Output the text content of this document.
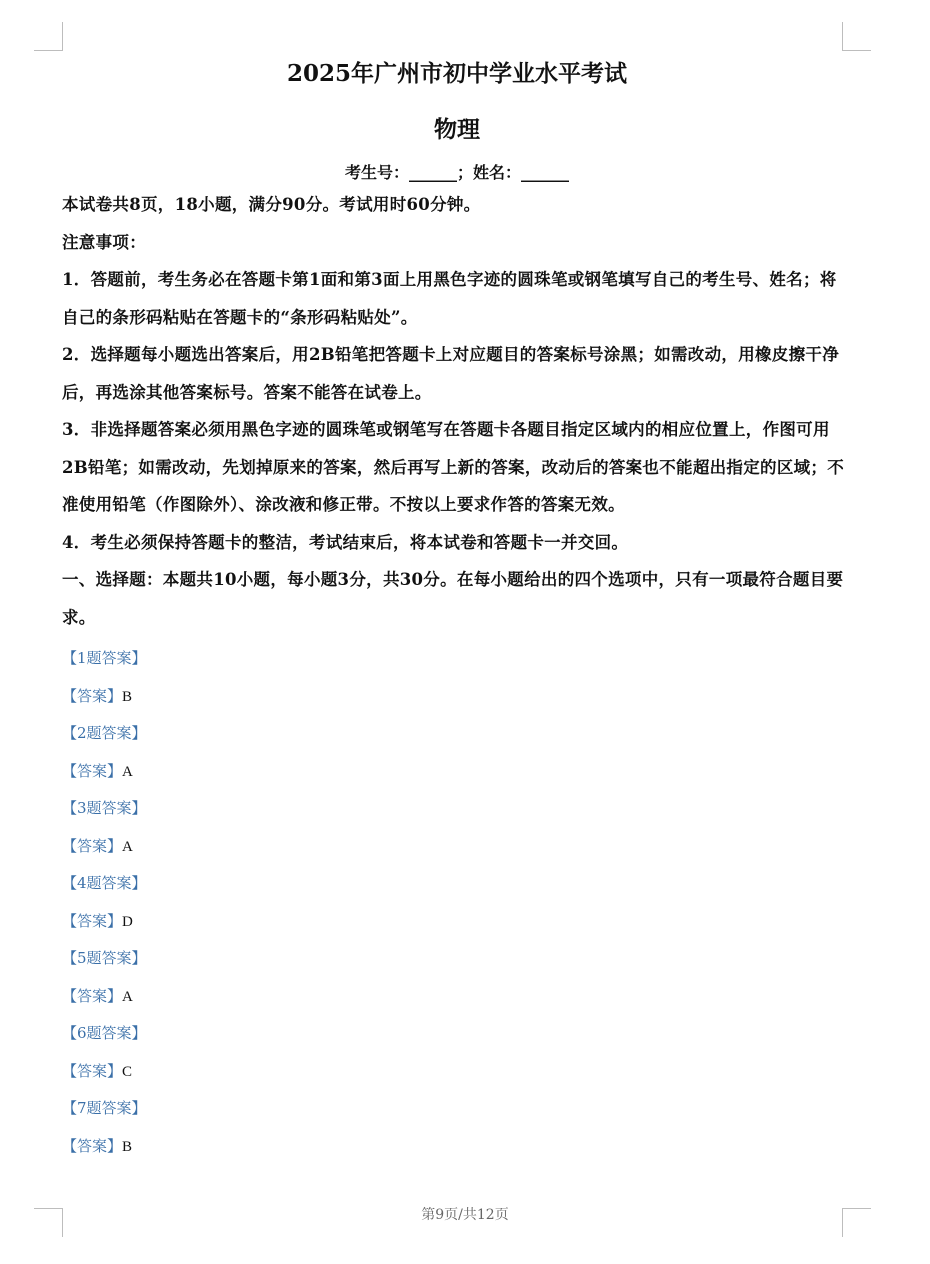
2025年广州市初中学业水平考试
物理
考生号：______；姓名：______

本试卷共8页，18小题，满分90分。考试用时60分钟。

注意事项：

1．答题前，考生务必在答题卡第1面和第3面上用黑色字迹的圆珠笔或钢笔填写自己的考生号、姓名；将自己的条形码粘贴在答题卡的“条形码粘贴处”。

2．选择题每小题选出答案后，用2B铅笔把答题卡上对应题目的答案标号涂黑；如需改动，用橡皮擦干净后，再选涂其他答案标号。答案不能答在试卷上。

3．非选择题答案必须用黑色字迹的圆珠笔或钢笔写在答题卡各题目指定区域内的相应位置上，作图可用2B铅笔；如需改动，先划掉原来的答案，然后再写上新的答案，改动后的答案也不能超出指定的区域；不准使用铅笔（作图除外）、涂改液和修正带。不按以上要求作答的答案无效。

4．考生必须保持答题卡的整洁，考试结束后，将本试卷和答题卡一并交回。

一、选择题：本题共10小题，每小题3分，共30分。在每小题给出的四个选项中，只有一项最符合题目要求。

【1题答案】
【答案】B
【2题答案】
【答案】A
【3题答案】
【答案】A
【4题答案】
【答案】D
【5题答案】
【答案】A
【6题答案】
【答案】C
【7题答案】
【答案】B
第9页/共12页
